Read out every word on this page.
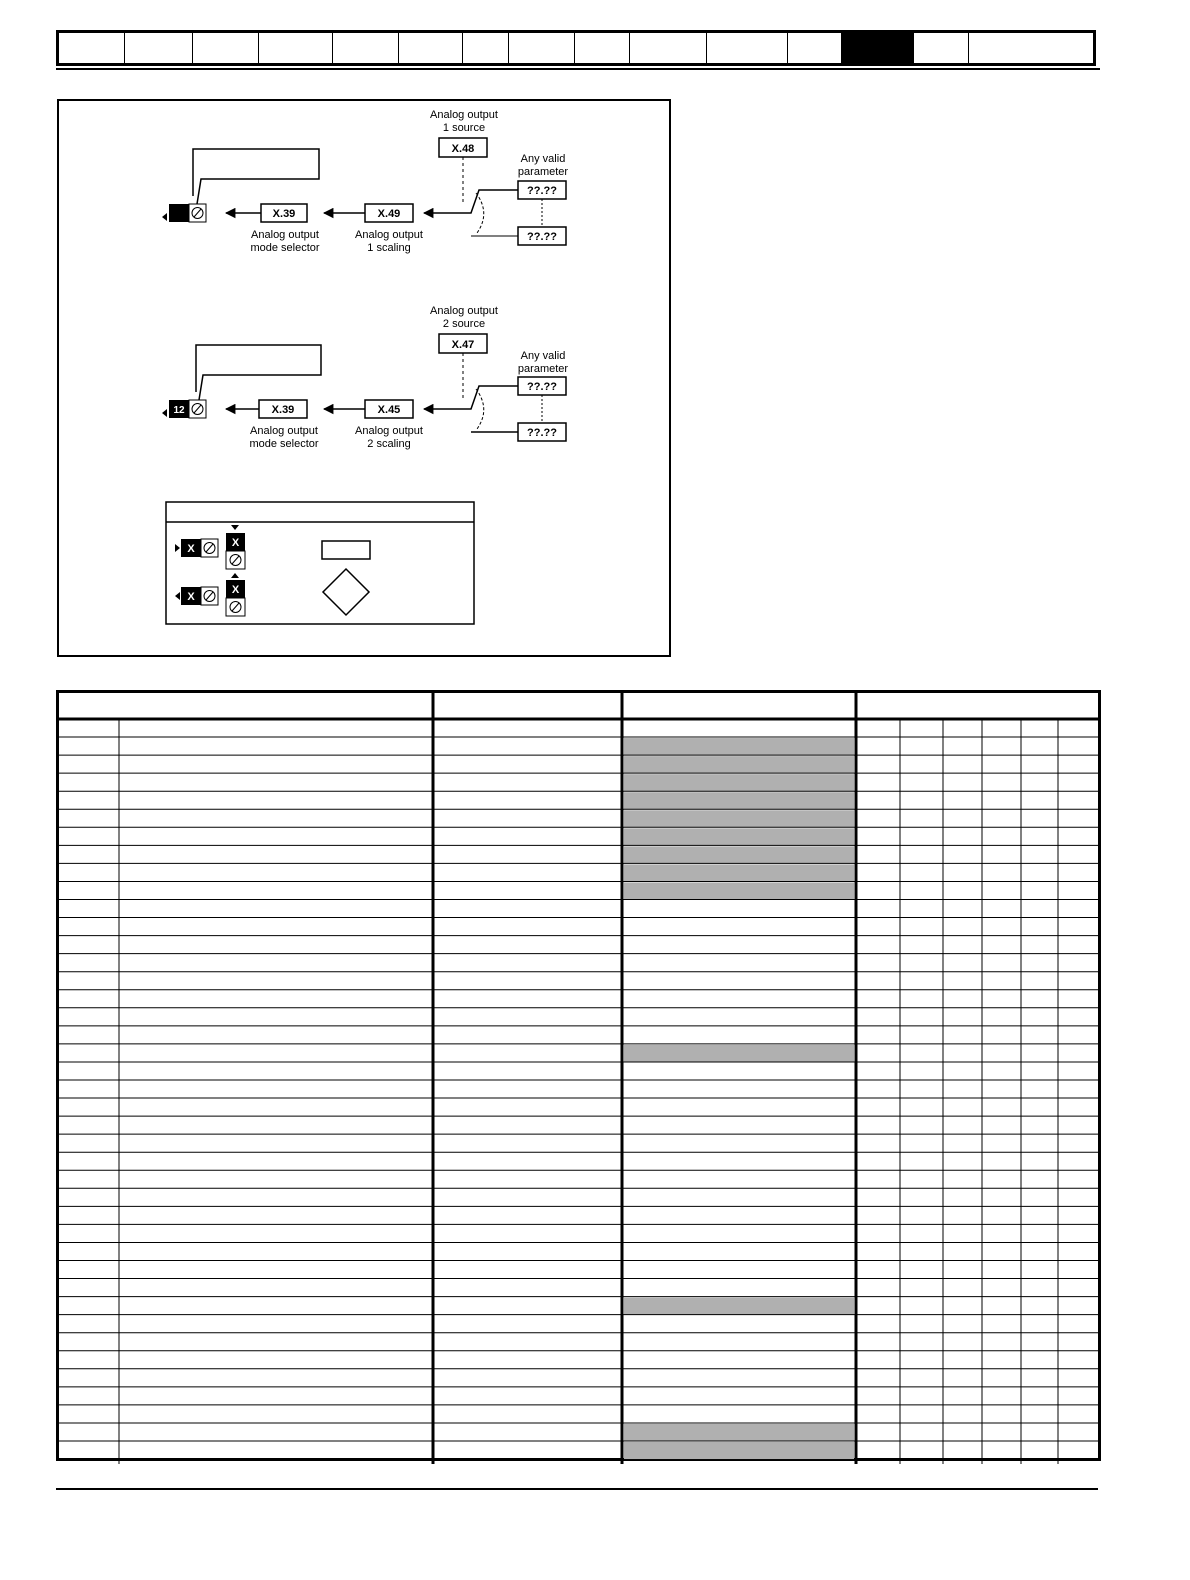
X.39
Analog output
mode selector
X.49
Analog output
1 scaling
Analog output
1 source
X.48
Any valid
parameter
??.??
??.??
12	X.39
Analog output
mode selector
X.45
Analog output
2 scaling
Analog output
2 source
X.47
Any valid
parameter
??.??
??.??
X	X
X
X
